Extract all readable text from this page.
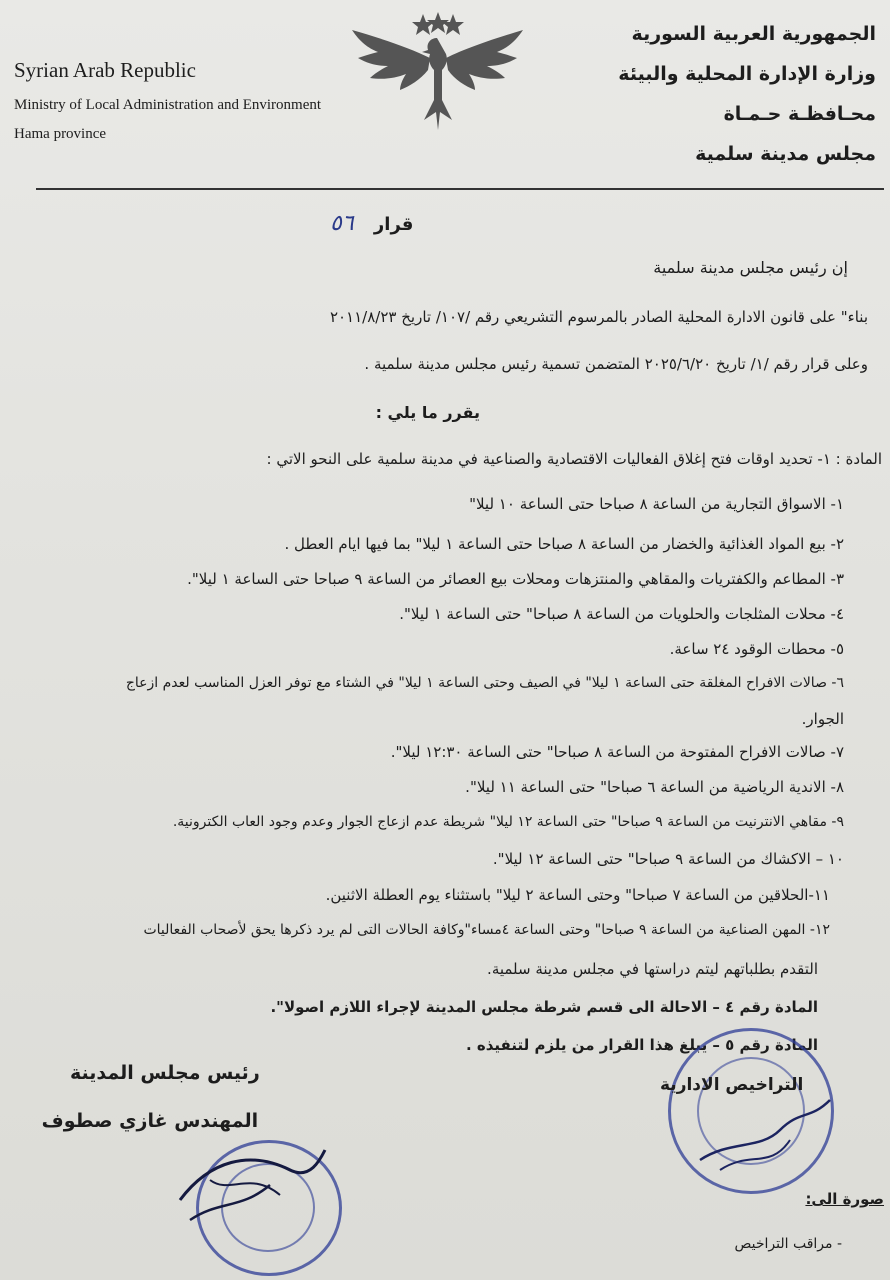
Syrian Arab Republic
Ministry of Local Administration and Environment
Hama province
الجمهورية العربية السورية
وزارة الإدارة المحلية والبيئة
محـافظـة حـمـاة
مجلس مدينة سلمية
قرار ٥٦
إن رئيس مجلس مدينة سلمية
بناء" على قانون الادارة المحلية الصادر بالمرسوم التشريعي رقم /١٠٧/ تاريخ ٢٠١١/٨/٢٣
وعلى قرار رقم /١/ تاريخ ٢٠٢٥/٦/٢٠ المتضمن تسمية رئيس مجلس مدينة سلمية .
يقرر ما يلي :
المادة : ١- تحديد اوقات فتح إغلاق الفعاليات الاقتصادية والصناعية في مدينة سلمية على النحو الاتي :
١- الاسواق التجارية من الساعة ٨ صباحا حتى الساعة ١٠ ليلا"
٢- بيع المواد الغذائية والخضار من الساعة ٨ صباحا حتى الساعة ١ ليلا" بما فيها ايام العطل .
٣- المطاعم والكفتريات والمقاهي والمنتزهات ومحلات بيع العصائر من الساعة ٩ صباحا حتى الساعة ١ ليلا".
٤- محلات المثلجات والحلويات من الساعة ٨ صباحا" حتى الساعة ١ ليلا".
٥- محطات الوقود ٢٤ ساعة.
٦- صالات الافراح المغلقة حتى الساعة ١ ليلا" في الصيف وحتى الساعة ١ ليلا" في الشتاء مع توفر العزل المناسب لعدم ازعاج
الجوار.
٧- صالات الافراح المفتوحة من الساعة ٨ صباحا" حتى الساعة ١٢:٣٠ ليلا".
٨- الاندية الرياضية من الساعة ٦ صباحا" حتى الساعة ١١ ليلا".
٩- مقاهي الانترنيت من الساعة ٩ صباحا" حتى الساعة ١٢ ليلا" شريطة عدم ازعاج الجوار وعدم وجود العاب الكترونية.
١٠ – الاكشاك من الساعة ٩ صباحا" حتى الساعة ١٢ ليلا".
١١-الحلاقين من الساعة ٧ صباحا" وحتى الساعة ٢ ليلا" باستثناء يوم العطلة الاثنين.
١٢- المهن الصناعية من الساعة ٩ صباحا" وحتى الساعة ٤مساء"وكافة الحالات التى لم يرد ذكرها يحق لأصحاب الفعاليات
التقدم بطلباتهم ليتم دراستها في مجلس مدينة سلمية.
المادة رقم ٤ – الاحالة الى قسم شرطة مجلس المدينة لإجراء اللازم اصولا".
المادة رقم ٥ – يبلغ هذا القرار من يلزم لتنفيذه .
التراخيص الادارية
رئيس مجلس المدينة
المهندس غازي صطوف
صورة الى:
- مراقب التراخيص
